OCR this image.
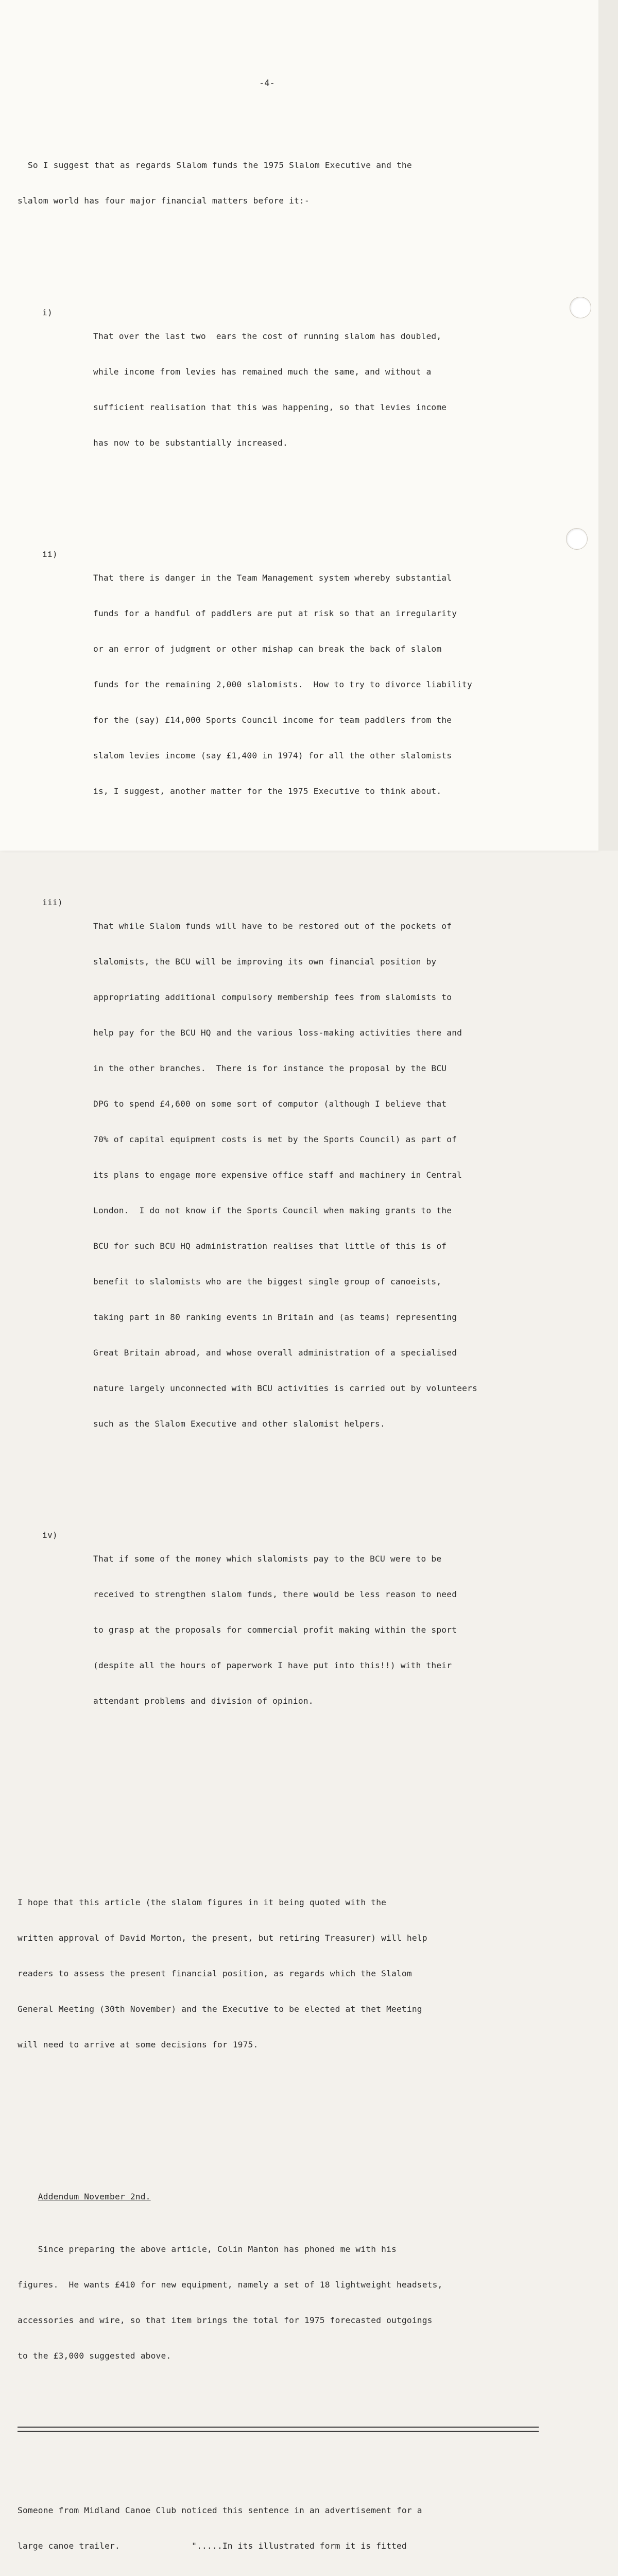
-4-

So I suggest that as regards Slalom funds the 1975 Slalom Executive and the

slalom world has four major financial matters before it:-

i)

That over the last two  ears the cost of running slalom has doubled,

while income from levies has remained much the same, and without a

sufficient realisation that this was happening, so that levies income

has now to be substantially increased.

ii)

That there is danger in the Team Management system whereby substantial

funds for a handful of paddlers are put at risk so that an irregularity

or an error of judgment or other mishap can break the back of slalom

funds for the remaining 2,000 slalomists.  How to try to divorce liability

for the (say) £14,000 Sports Council income for team paddlers from the

slalom levies income (say £1,400 in 1974) for all the other slalomists

is, I suggest, another matter for the 1975 Executive to think about.

iii)

That while Slalom funds will have to be restored out of the pockets of

slalomists, the BCU will be improving its own financial position by

appropriating additional compulsory membership fees from slalomists to

help pay for the BCU HQ and the various loss-making activities there and

in the other branches.  There is for instance the proposal by the BCU

DPG to spend £4,600 on some sort of computor (although I believe that

70% of capital equipment costs is met by the Sports Council) as part of

its plans to engage more expensive office staff and machinery in Central

London.  I do not know if the Sports Council when making grants to the

BCU for such BCU HQ administration realises that little of this is of

benefit to slalomists who are the biggest single group of canoeists,

taking part in 80 ranking events in Britain and (as teams) representing

Great Britain abroad, and whose overall administration of a specialised

nature largely unconnected with BCU activities is carried out by volunteers

such as the Slalom Executive and other slalomist helpers.

iv)

That if some of the money which slalomists pay to the BCU were to be

received to strengthen slalom funds, there would be less reason to need

to grasp at the proposals for commercial profit making within the sport

(despite all the hours of paperwork I have put into this!!) with their

attendant problems and division of opinion.

I hope that this article (the slalom figures in it being quoted with the

written approval of David Morton, the present, but retiring Treasurer) will help

readers to assess the present financial position, as regards which the Slalom

General Meeting (30th November) and the Executive to be elected at thet Meeting

will need to arrive at some decisions for 1975.

Addendum November 2nd.

Since preparing the above article, Colin Manton has phoned me with his

figures.  He wants £410 for new equipment, namely a set of 18 lightweight headsets,

accessories and wire, so that item brings the total for 1975 forecasted outgoings

to the £3,000 suggested above.

Someone from Midland Canoe Club noticed this sentence in an advertisement for a

large canoe trailer.              ".....In its illustrated form it is fitted
